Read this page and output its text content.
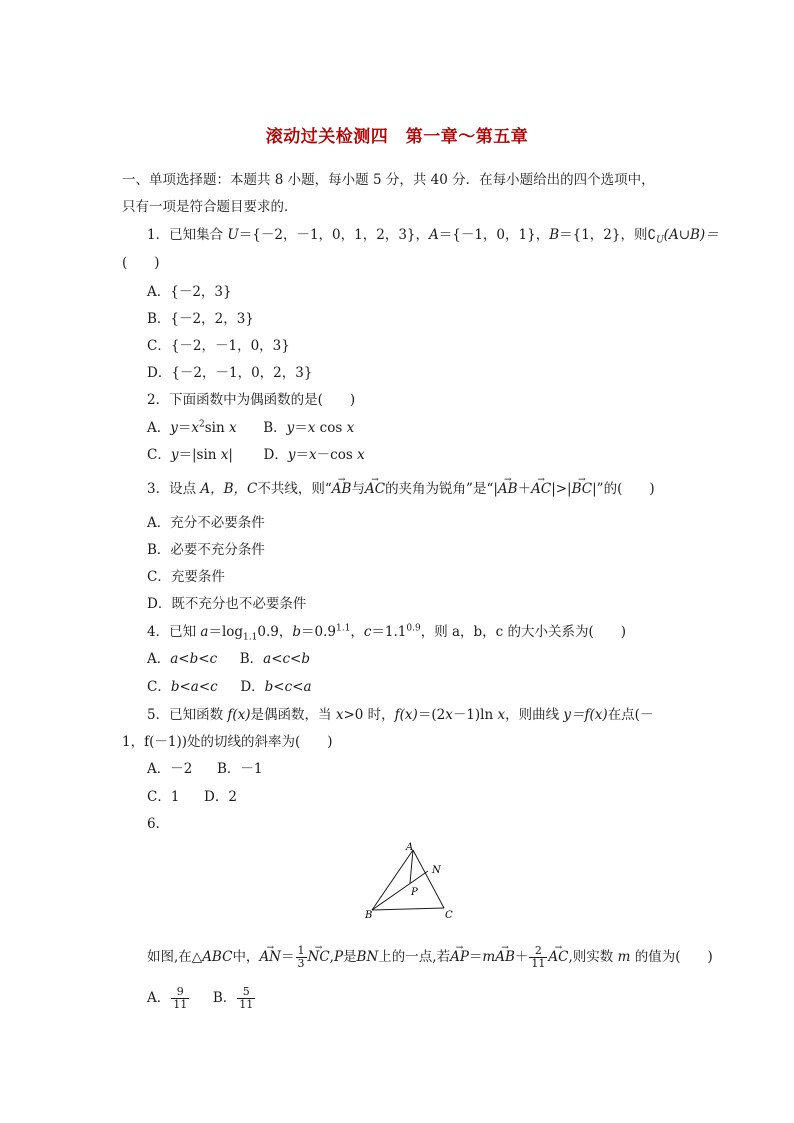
滚动过关检测四　第一章～第五章
一、单项选择题：本题共 8 小题，每小题 5 分，共 40 分．在每小题给出的四个选项中，
只有一项是符合题目要求的．
1．已知集合 U＝{－2，－1，0，1，2，3}，A＝{－1，0，1}，B＝{1，2}，则$∁_U(A\cup B)=$
(　　)
A．{－2，3}
B．{－2，2，3}
C．{－2，－1，0，3}
D．{－2，－1，0，2，3}
2．下面函数中为偶函数的是(　　)
A．$y=x^2\sin$ x B．y＝x cos x
C．y＝|sin x| D．y＝x－cos x
3．设点 A，B，C不共线，则“→ AB与→ AC的夹角为锐角”是“|→ AB＋→ AC|>|→ BC|”的(　　)
A．充分不必要条件
B．必要不充分条件
C．充要条件
D．既不充分也不必要条件
4．已知 $a=\log_{1.1}0.9$，$b=0.9^{1.1}$，$c=1.1^{0.9}$，则 a，b，c 的大小关系为(　　)
A．a<b<c B．a<c<b
C．b<a<c D．b<c<a
5．已知函数 f(x)是偶函数，当 x>0 时，f(x)＝(2x－1)ln x，则曲线 y＝f(x)在点(－
1，f(－1))处的切线的斜率为(　　)
A．－2 B．－1
C．1 D．2
6．
A
B	C
N
P
如图,在△ABC中，→ $AN= \frac{1}{3}$
→ NC,P是BN上的一点,若→ $AP=m\to AB+ \frac{2}{11}$
→ AC,则实数 m 的值为(　　)
A． $\frac{9}{11}$ B． $\frac{5}{11}$
